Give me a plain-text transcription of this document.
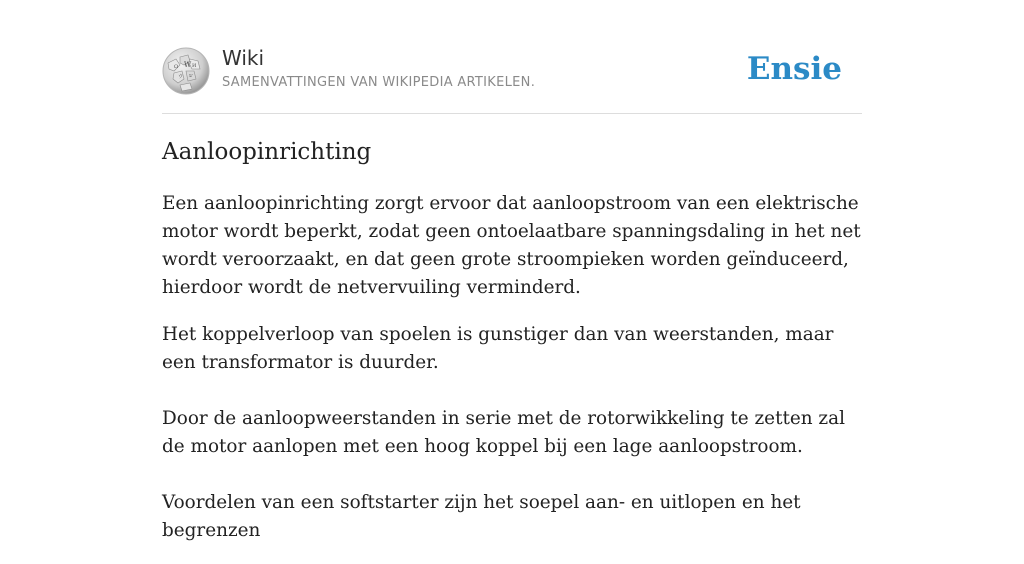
W
Ω	И
ウ ש
Wiki
SAMENVATTINGEN VAN WIKIPEDIA ARTIKELEN.	Ensie
Aanloopinrichting

Een aanloopinrichting zorgt ervoor dat aanloopstroom van een elektrische motor wordt beperkt, zodat geen ontoelaatbare spanningsdaling in het net wordt veroorzaakt, en dat geen grote stroompieken worden geïnduceerd, hierdoor wordt de netvervuiling verminderd.

Het koppelverloop van spoelen is gunstiger dan van weerstanden, maar een transformator is duurder.

Door de aanloopweerstanden in serie met de rotorwikkeling te zetten zal de motor aanlopen met een hoog koppel bij een lage aanloopstroom.

Voordelen van een softstarter zijn het soepel aan- en uitlopen en het begrenzen
